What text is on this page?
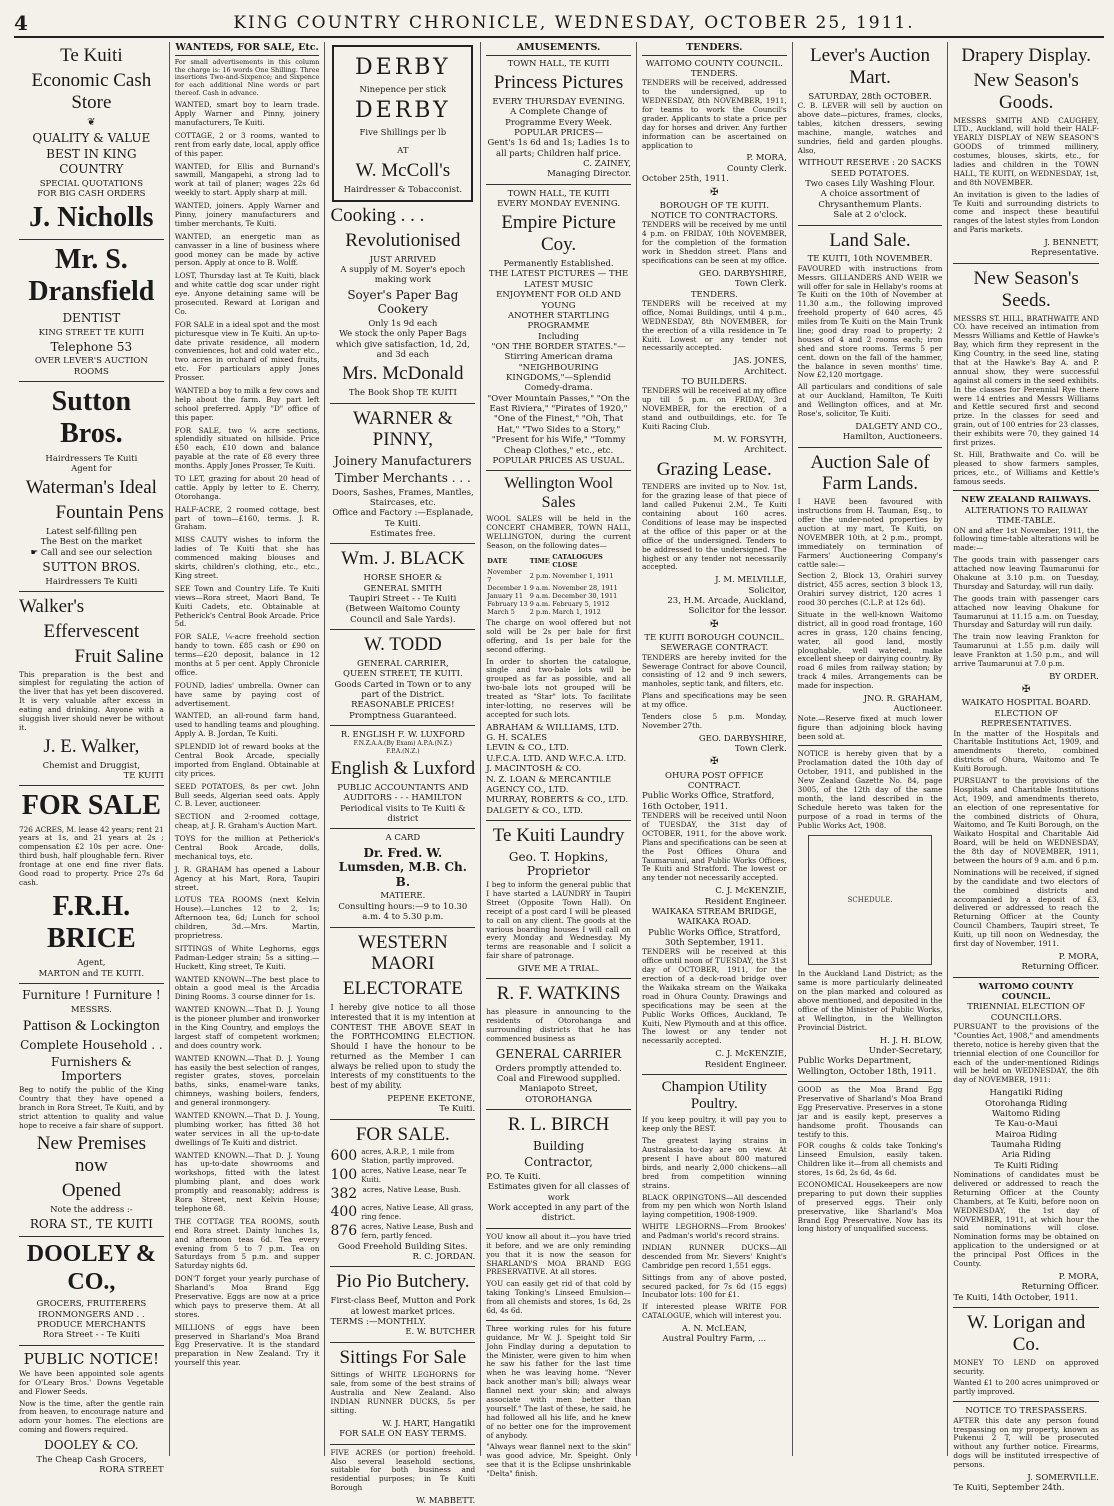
4	KING COUNTRY CHRONICLE, WEDNESDAY, OCTOBER 25, 1911.
Te Kuiti
Economic Cash Store
❦
QUALITY & VALUE
BEST IN KING COUNTRY
SPECIAL QUOTATIONS
FOR BIG CASH ORDERS
J. Nicholls
Mr. S. Dransfield
DENTIST
KING STREET TE KUITI
Telephone 53
OVER LEVER'S AUCTION ROOMS
Sutton Bros.
Hairdressers Te Kuiti
Agent for
Waterman's Ideal
Fountain Pens
Latest self-filling pen
The Best on the market
☛ Call and see our selection
SUTTON BROS.
Hairdressers Te Kuiti
Walker's
Effervescent
Fruit Saline
This preparation is the best and simplest for regulating the action of the liver that has yet been discovered. It is very valuable after excess in eating and drinking. Anyone with a sluggish liver should never be without it.
J. E. Walker,
Chemist and Druggist,
TE KUITI
FOR SALE
726 ACRES, M. lease 42 years; rent 21 years at 1s, and 21 years at 2s ; compensation £2 10s per acre. One-third bush, half ploughable fern. River frontage at one end fine river flats. Good road to property. Price 27s 6d cash.
F.R.H. BRICE
Agent,
MARTON and TE KUITI.
Furniture ! Furniture !
MESSRS.
Pattison & Lockington
Complete Household . .
Furnishers & Importers
Beg to notify the public of the King Country that they have opened a branch in Rora Street, Te Kuiti, and by strict attention to quality and value hope to receive a fair share of support.
New Premises now
Opened
Note the address :-
RORA ST., TE KUITI
DOOLEY & CO.,
GROCERS, FRUITERERS
IRONMONGERS AND . .
PRODUCE MERCHANTS
Rora Street - - Te Kuiti
PUBLIC NOTICE!
We have been appointed sole agents for O'Leary Bros.' Downs Vegetable and Flower Seeds.
Now is the time, after the gentle rain from heaven, to encourage nature and adorn your homes. The elections are coming and flowers required.
DOOLEY & CO.
The Cheap Cash Grocers,
RORA STREET
WANTEDS, FOR SALE, Etc.
For small advertisements in this column the charge is: 16 words One Shilling. Three insertions Two-and-Sixpence; and Sixpence for each additional Nine words or part thereof. Cash in advance.
WANTED, smart boy to learn trade. Apply Warner and Pinny, joinery manufacturers, Te Kuiti.
COTTAGE, 2 or 3 rooms, wanted to rent from early date, local, apply office of this paper.
WANTED, for Ellis and Burnand's sawmill, Mangapehi, a strong lad to work at tail of planer; wages 22s 6d weekly to start. Apply sharp at mill.
WANTED, joiners. Apply Warner and Pinny, joinery manufacturers and timber merchants, Te Kuiti.
WANTED, an energetic man as canvasser in a line of business where good money can be made by active person. Apply at once to B. Wolff.
LOST, Thursday last at Te Kuiti, black and white cattle dog scar under right eye. Anyone detaining same will be prosecuted. Reward at Lorigan and Co.
FOR SALE in a ideal spot and the most picturesque view in Te Kuiti. An up-to-date private residence, all modern conveniences, hot and cold water etc., two acres in orchard of mixed fruits, etc. For particulars apply Jones Prosser.
WANTED a boy to milk a few cows and help about the farm. Buy part left school preferred. Apply "D" office of this paper.
FOR SALE, two ¼ acre sections, splendidly situated on hillside. Price £50 each, £10 down and balance payable at the rate of £8 every three months. Apply Jones Prosser, Te Kuiti.
TO LET, grazing for about 20 head of cattle. Apply by letter to E. Cherry, Otorohanga.
HALF-ACRE, 2 roomed cottage, best part of town—£160, terms. J. R. Graham.
MISS CAUTY wishes to inform the ladies of Te Kuiti that she has commenced making blouses and skirts, children's clothing, etc., etc., King street.
SEE Town and Country Life. Te Kuiti views—Rora street, Maori Band, Te Kuiti Cadets, etc. Obtainable at Petherick's Central Book Arcade. Price 5d.
FOR SALE, ¼-acre freehold section handy to town. £85 cash or £90 on terms—£20 deposit, balance in 12 months at 5 per cent. Apply Chronicle office.
FOUND, ladies' umbrella. Owner can have same by paying cost of advertisement.
WANTED, an all-round farm hand, used to handling teams and ploughing. Apply A. B. Jordan, Te Kuiti.
SPLENDID lot of reward books at the Central Book Arcade, specially imported from England. Obtainable at city prices.
SEED POTATOES, 8s per cwt. John Bull seeds, Algerian seed oats. Apply C. B. Lever, auctioneer.
SECTION and 2-roomed cottage, cheap, at J. R. Graham's Auction Mart.
TOYS for the million at Petherick's Central Book Arcade, dolls, mechanical toys, etc.
J. R. GRAHAM has opened a Labour Agency at his Mart, Rora, Taupiri street.
LOTUS TEA ROOMS (next Kelvin House).—Lunches 12 to 2, 1s; Afternoon tea, 6d; Lunch for school children, 3d.—Mrs. Martin, proprietress.
SITTINGS of White Leghorns, eggs Padman-Ledger strain; 5s a sitting.—Huckett, King street, Te Kuiti.
WANTED KNOWN—The best place to obtain a good meal is the Arcadia Dining Rooms. 3 course dinner for 1s.
WANTED KNOWN.—That D. J. Young is the pioneer plumber and ironworker in the King Country, and employs the largest staff of competent workmen; and does country work.
WANTED KNOWN.—That D. J. Young has easily the best selection of ranges, register grates, stoves, porcelain baths, sinks, enamel-ware tanks, chimneys, washing boilers, fenders, and general ironmongery.
WANTED KNOWN.—That D. J. Young, plumbing worker, has fitted 38 hot water services in all the up-to-date dwellings of Te Kuiti and district.
WANTED KNOWN.—That D. J. Young has up-to-date showrooms and workshops, fitted with the latest plumbing plant, and does work promptly and reasonably; address is Rora Street, next Kelvin House; telephone 68.
THE COTTAGE TEA ROOMS, south end Rora street. Dainty lunches 1s, and afternoon teas 6d. Tea every evening from 5 to 7 p.m. Tea on Saturdays from 5 p.m. and supper Saturday nights 6d.
DON'T forget your yearly purchase of Sharland's Moa Brand Egg Preservative. Eggs are now at a price which pays to preserve them. At all stores.
MILLIONS of eggs have been preserved in Sharland's Moa Brand Egg Preservative. It is the standard preparation in New Zealand. Try it yourself this year.
DERBY
Ninepence per stick
DERBY
Five Shillings per lb
AT
W. McColl's
Hairdresser & Tobacconist.
Cooking . . .
Revolutionised
JUST ARRIVED
A supply of M. Soyer's epoch making work
Soyer's Paper Bag Cookery
Only 1s 9d each
We stock the only Paper Bags which give satisfaction, 1d, 2d, and 3d each
Mrs. McDonald
The Book Shop TE KUITI
WARNER & PINNY,
Joinery Manufacturers
Timber Merchants . . .
Doors, Sashes, Frames, Mantles, Staircases, etc.
Office and Factory :—Esplanade, Te Kuiti.
Estimates free.
Wm. J. BLACK
HORSE SHOER &
GENERAL SMITH
Taupiri Street - - Te Kuiti
(Between Waitomo County Council and Sale Yards).
W. TODD
GENERAL CARRIER,
QUEEN STREET, TE KUITI.
Goods Carted in Town or to any part of the District.
REASONABLE PRICES!
Promptness Guaranteed.
R. ENGLISH F. W. LUXFORD
F.N.Z.A.A.(By Exam) A.P.A.(N.Z.)
F.P.A.(N.Z.)
English & Luxford
PUBLIC ACCOUNTANTS AND
AUDITORS - - - HAMILTON
Periodical visits to Te Kuiti & district
A CARD
Dr. Fred. W. Lumsden, M.B. Ch. B.
MATIERE.
Consulting hours:—9 to 10.30 a.m. 4 to 5.30 p.m.
WESTERN MAORI
ELECTORATE
I hereby give notice to all those interested that it is my intention at CONTEST THE ABOVE SEAT in the FORTHCOMING ELECTION. Should I have the honour to be returned as the Member I can always be relied upon to study the interests of my constituents to the best of my ability.
PEPENE EKETONE,
Te Kuiti.
FOR SALE.
600 acres, A.R.P., 1 mile from Station, partly improved.
100 acres, Native Lease, near Te Kuiti.
382 acres, Native Lease, Bush.
400 acres, Native Lease, All grass, ring fence.
876 acres, Native Lease, Bush and fern, partly fenced.
Good Freehold Building Sites.
R. C. JORDAN.
Pio Pio Butchery.
First-class Beef, Mutton and Pork at lowest market prices.
TERMS :—MONTHLY.
E. W. BUTCHER
Sittings For Sale
Sittings of WHITE LEGHORNS for sale, from some of the best strains of Australia and New Zealand. Also INDIAN RUNNER DUCKS, 5s per sitting.
W. J. HART, Hangatiki
FOR SALE ON EASY TERMS.
FIVE ACRES (or portion) freehold. Also several leasehold sections, suitable for both business and residential purposes; in Te Kuiti Borough
W. MABBETT.
AMUSEMENTS.
TOWN HALL, TE KUITI
Princess Pictures
EVERY THURSDAY EVENING.
A Complete Change of Programme Every Week.
POPULAR PRICES—
Gent's 1s 6d and 1s; Ladies 1s to all parts; Children half price.
C. ZAINEY,
Managing Director.
TOWN HALL, TE KUITI
EVERY MONDAY EVENING.
Empire Picture Coy.
Permanently Established.
THE LATEST PICTURES — THE LATEST MUSIC
ENJOYMENT FOR OLD AND YOUNG
ANOTHER STARTLING PROGRAMME
Including
"ON THE BORDER STATES."—Stirring American drama
"NEIGHBOURING KINGDOMS,"—Splendid Comedy-drama.
"Over Mountain Passes," "On the East Riviera," "Pirates of 1920," "One of the Finest," "Oh, That Hat," "Two Sides to a Story," "Present for his Wife," "Tommy Cheap Clothes," etc., etc.
POPULAR PRICES AS USUAL.
Wellington Wool Sales
WOOL SALES will be held in the CONCERT CHAMBER, TOWN HALL, WELLINGTON, during the current Season, on the following dates—
DATE	TIME	CATALOGUES CLOSE
November 7	2 p.m.	November 1, 1911
December 1	9 a.m.	November 28, 1911
January 11	9 a.m.	December 30, 1911
February 13	9 a.m.	February 5, 1912
March 5	2 p.m.	March 1, 1912
The charge on wool offered but not sold will be 2s per bale for first offering, and 1s per bale for the second offering.
In order to shorten the catalogue, single and two-bale lots will be grouped as far as possible, and all two-bale lots not grouped will be treated as "Star" lots. To facilitate inter-lotting, no reserves will be accepted for such lots.
ABRAHAM & WILLIAMS, LTD.
G. H. SCALES
LEVIN & CO., LTD.
U.F.C.A. LTD. AND W.F.C.A. LTD.
J. MACINTOSH & CO.
N. Z. LOAN & MERCANTILE AGENCY CO., LTD.
MURRAY, ROBERTS & CO., LTD.
DALGETY & CO., LTD.
Te Kuiti Laundry
Geo. T. Hopkins, Proprietor
I beg to inform the general public that I have started a LAUNDRY in Taupiri Street (Opposite Town Hall). On receipt of a post card I will be pleased to call on any client. The goods at the various boarding houses I will call on every Monday and Wednesday. My terms are reasonable and I solicit a fair share of patronage.
GIVE ME A TRIAL.
R. F. WATKINS
has pleasure in announcing to the residents of Otorohanga and surrounding districts that he has commenced business as
GENERAL CARRIER
Orders promptly attended to. Coal and Firewood supplied.
Maniapoto Street, OTOROHANGA
R. L. BIRCH
Building
Contractor,
P.O. Te Kuiti.
Estimates given for all classes of work
Work accepted in any part of the district.
YOU know all about it—you have tried it before, and we are only reminding you that it is now the season for SHARLAND'S MOA BRAND EGG PRESERVATIVE. At all stores.
YOU can easily get rid of that cold by taking Tonking's Linseed Emulsion—from all chemists and stores, 1s 6d, 2s 6d, 4s 6d.
Three working rules for his future guidance, Mr W. J. Speight told Sir John Findlay during a deputation to the Minister, were given to him when he saw his father for the last time when he was leaving home. "Never back another man's bill; always wear flannel next your skin; and always associate with men better than yourself." The last of these, he said, he had followed all his life, and he knew of no better one for the improvement of anybody.
"Always wear flannel next to the skin" was good advice, Mr. Speight. Only see that it is the Eclipse unshrinkable "Delta" finish.
TENDERS.
WAITOMO COUNTY COUNCIL.
TENDERS.
TENDERS will be received, addressed to the undersigned, up to WEDNESDAY, 8th NOVEMBER, 1911, for teams to work the Council's grader. Applicants to state a price per day for horses and driver. Any further information can be ascertained on application to
P. MORA,
County Clerk.
October 25th, 1911.
✠
BOROUGH OF TE KUITI.
NOTICE TO CONTRACTORS.
TENDERS will be received by me until 4 p.m. on FRIDAY, 10th NOVEMBER, for the completion of the formation work in Sheddon street. Plans and specifications can be seen at my office.
GEO. DARBYSHIRE,
Town Clerk.
TENDERS.
TENDERS will be received at my office, Nomai Buildings, until 4 p.m., WEDNESDAY, 8th NOVEMBER, for the erection of a villa residence in Te Kuiti. Lowest or any tender not necessarily accepted.
JAS. JONES,
Architect.
TO BUILDERS.
TENDERS will be received at my office up till 5 p.m. on FRIDAY, 3rd NOVEMBER, for the erection of a stand and outbuildings, etc. for Te Kuiti Racing Club.
M. W. FORSYTH,
Architect.
Grazing Lease.
TENDERS are invited up to Nov. 1st, for the grazing lease of that piece of land called Pukenui 2.M., Te Kuiti containing about 160 acres. Conditions of lease may be inspected at the office of this paper or at the office of the undersigned. Tenders to be addressed to the undersigned. The highest or any tender not necessarily accepted.
J. M. MELVILLE,
Solicitor,
23, H.M. Arcade, Auckland,
Solicitor for the lessor.
✠
TE KUITI BOROUGH COUNCIL.
SEWERAGE CONTRACT.
TENDERS are hereby invited for the Sewerage Contract for above Council, consisting of 12 and 9 inch sewers, manholes, septic tank, and filters, etc.
Plans and specifications may be seen at my office.
Tenders close 5 p.m. Monday, November 27th.
GEO. DARBYSHIRE,
Town Clerk.
✠
OHURA POST OFFICE CONTRACT.
Public Works Office, Stratford, 16th October, 1911.
TENDERS will be received until Noon of TUESDAY, the 31st day of OCTOBER, 1911, for the above work. Plans and specifications can be seen at the Post Offices Ohura and Taumarunui, and Public Works Offices, Te Kuiti and Stratford. The lowest or any tender not necessarily accepted.
C. J. McKENZIE,
Resident Engineer.
WAIKAKA STREAM BRIDGE, WAIKAKA ROAD.
Public Works Office, Stratford, 30th September, 1911.
TENDERS will be received at this office until noon of TUESDAY, the 31st day of OCTOBER, 1911, for the erection of a deck-road bridge over the Waikaka stream on the Waikaka road in Ohura County. Drawings and specifications may be seen at the Public Works Offices, Auckland, Te Kuiti, New Plymouth and at this office. The lowest or any tender not necessarily accepted.
C. J. McKENZIE,
Resident Engineer.
Champion Utility Poultry.
If you keep poultry, it will pay you to keep only the BEST.
The greatest laying strains in Australasia to-day are on view. At present I have about 800 matured birds, and nearly 2,000 chickens—all bred from competition winning strains.
BLACK ORPINGTONS—All descended from my pen which won North Island laying competition, 1908-1909.
WHITE LEGHORNS—From Brookes' and Padman's world's record strains.
INDIAN RUNNER DUCKS—All descended from Mr. Sievers' Knight's Cambridge pen record 1,551 eggs.
Sittings from any of above posted, secured packed, for 7s 6d (15 eggs) Incubator lots: 100 for £1.
If interested please WRITE FOR CATALOGUE, which will interest you.
A. N. McLEAN,
Austral Poultry Farm, ...
Lever's Auction Mart.
SATURDAY, 28th OCTOBER.
C. B. LEVER will sell by auction on above date—pictures, frames, clocks, tables, kitchen dressers, sewing machine, mangle, watches and sundries, field and garden ploughs. Also,
WITHOUT RESERVE : 20 SACKS SEED POTATOES.
Two cases Lily Washing Flour.
A choice assortment of Chrysanthemum Plants.
Sale at 2 o'clock.
Land Sale.
TE KUITI, 10th NOVEMBER.
FAVOURED with instructions from Messrs. GILLANDERS AND WEIR we will offer for sale in Hellaby's rooms at Te Kuiti on the 10th of November at 11.30 a.m., the following improved freehold property of 640 acres, 45 miles from Te Kuiti on the Main Trunk line; good dray road to property; 2 houses of 4 and 2 rooms each; iron shed and store rooms. Terms 5 per cent. down on the fall of the hammer, the balance in seven months' time. Now £2,120 mortgage.
All particulars and conditions of sale at our Auckland, Hamilton, Te Kuiti and Wellington offices, and at Mr. Rose's, solicitor, Te Kuiti.
DALGETY AND CO.,
Hamilton, Auctioneers.
Auction Sale of Farm Lands.
I HAVE been favoured with instructions from H. Tauman, Esq., to offer the under-noted properties by auction at my mart, Te Kuiti, on NOVEMBER 10th, at 2 p.m., prompt, immediately on termination of Farmers' Auctioneering Company's cattle sale:—
Section 2, Block 13, Orahiri survey district, 455 acres, section 3 block 13, Orahiri survey district, 120 acres 1 rood 30 perches (C.L.P. at 12s 6d).
Situate in the well-known Waitomo district, all in good road frontage, 160 acres in grass, 120 chains fencing, water, all good land, mostly ploughable, well watered, make excellent sheep or dairying country. By road 6 miles from railway station; by track 4 miles. Arrangements can be made for inspection.
JNO. R. GRAHAM,
Auctioneer.
Note.—Reserve fixed at much lower figure than adjoining block having been sold at.
NOTICE is hereby given that by a Proclamation dated the 10th day of October, 1911, and published in the New Zealand Gazette No. 84, page 3005, of the 12th day of the same month, the land described in the Schedule hereto was taken for the purpose of a road in terms of the Public Works Act, 1908.
SCHEDULE.
In the Auckland Land District; as the same is more particularly delineated on the plan marked and coloured as above mentioned, and deposited in the office of the Minister of Public Works, at Wellington, in the Wellington Provincial District.
H. J. H. BLOW,
Under-Secretary,
Public Works Department,
Wellington, October 18th, 1911.
GOOD as the Moa Brand Egg Preservative of Sharland's Moa Brand Egg Preservative. Preserves in a stone jar and is easily kept, preserves a handsome profit. Thousands can testify to this.
FOR coughs & colds take Tonking's Linseed Emulsion, easily taken. Children like it—from all chemists and stores, 1s 6d, 2s 6d, 4s 6d.
ECONOMICAL Housekeepers are now preparing to put down their supplies of preserved eggs. Their only preservative, like Sharland's Moa Brand Egg Preservative. Now has its long history of unqualified success.
Drapery Display.
New Season's Goods.
MESSRS SMITH AND CAUGHEY, LTD., Auckland, will hold their HALF-YEARLY DISPLAY of NEW SEASON'S GOODS of trimmed millinery, costumes, blouses, skirts, etc., for ladies and children in the TOWN HALL, TE KUITI, on WEDNESDAY, 1st, and 8th NOVEMBER.
An invitation is given to the ladies of Te Kuiti and surrounding districts to come and inspect these beautiful ranges of the latest styles from London and Paris markets.
J. BENNETT,
Representative.
New Season's Seeds.
MESSRS ST. HILL, BRATHWAITE AND CO. have received an intimation from Messrs Williams and Kettle of Hawke's Bay, which firm they represent in the King Country, in the seed line, stating that at the Hawke's Bay A. and P. annual show, they were successful against all comers in the seed exhibits. In the classes for Perennial Rye there were 14 entries and Messrs Williams and Kettle secured first and second prize. In the classes for seed and grain, out of 100 entries for 23 classes, their exhibits were 70, they gained 14 first prizes.
St. Hill, Brathwaite and Co. will be pleased to show farmers samples, prices, etc., of Williams and Kettle's famous seeds.
NEW ZEALAND RAILWAYS.
ALTERATIONS TO RAILWAY TIME-TABLE.
ON and after 1st November, 1911, the following time-table alterations will be made:—
The goods train with passenger cars attached now leaving Taumarunui for Ohakune at 3.10 p.m. on Tuesday, Thursday and Saturday, will run daily.
The goods train with passenger cars attached now leaving Ohakune for Taumarunui at 11.15 a.m. on Tuesday, Thursday and Saturday will run daily.
The train now leaving Frankton for Taumarunui at 1.55 p.m. daily will leave Frankton at 1.50 p.m., and will arrive Taumarunui at 7.0 p.m.
BY ORDER.
✠
WAIKATO HOSPITAL BOARD.
ELECTION OF REPRESENTATIVES.
In the matter of the Hospitals and Charitable Institutions Act, 1909, and amendments thereto, combined districts of Ohura, Waitomo and Te Kuiti Borough.
PURSUANT to the provisions of the Hospitals and Charitable Institutions Act, 1909, and amendments thereto, an election of one representative for the combined districts of Ohura, Waitomo, and Te Kuiti Borough, on the Waikato Hospital and Charitable Aid Board, will be held on WEDNESDAY, the 8th day of NOVEMBER, 1911, between the hours of 9 a.m. and 6 p.m.
Nominations will be received, if signed by the candidate and two electors of the combined districts and accompanied by a deposit of £3, delivered or addressed to reach the Returning Officer at the County Council Chambers, Taupiri street, Te Kuiti, up till noon on Wednesday, the first day of November, 1911.
P. MORA,
Returning Officer.
WAITOMO COUNTY COUNCIL.
TRIENNIAL ELECTION OF COUNCILLORS.
PURSUANT to the provisions of the "Counties Act, 1908," and amendments thereto, notice is hereby given that the triennial election of one Councillor for each of the under-mentioned Ridings will be held on WEDNESDAY, the 8th day of NOVEMBER, 1911:
Hangatiki Riding
Otorohanga Riding
Waitomo Riding
Te Kau-o-Maui
Mairoa Riding
Taumaha Riding
Aria Riding
Te Kuiti Riding
Nominations of candidates must be delivered or addressed to reach the Returning Officer at the County Chambers, at Te Kuiti, before noon on WEDNESDAY, the 1st day of NOVEMBER, 1911, at which hour the said nominations will close. Nomination forms may be obtained on application to the undersigned or at the principal Post Offices in the County.
P. MORA,
Returning Officer.
Te Kuiti, 14th October, 1911.
W. Lorigan and Co.
MONEY TO LEND on approved security.
Wanted £1 to 200 acres unimproved or partly improved.
NOTICE TO TRESPASSERS.
AFTER this date any person found trespassing on my property, known as Pukenui 2 T, will be prosecuted without any further notice. Firearms, dogs will be instituted irrespective of persons.
J. SOMERVILLE.
Te Kuiti, September 24th.
